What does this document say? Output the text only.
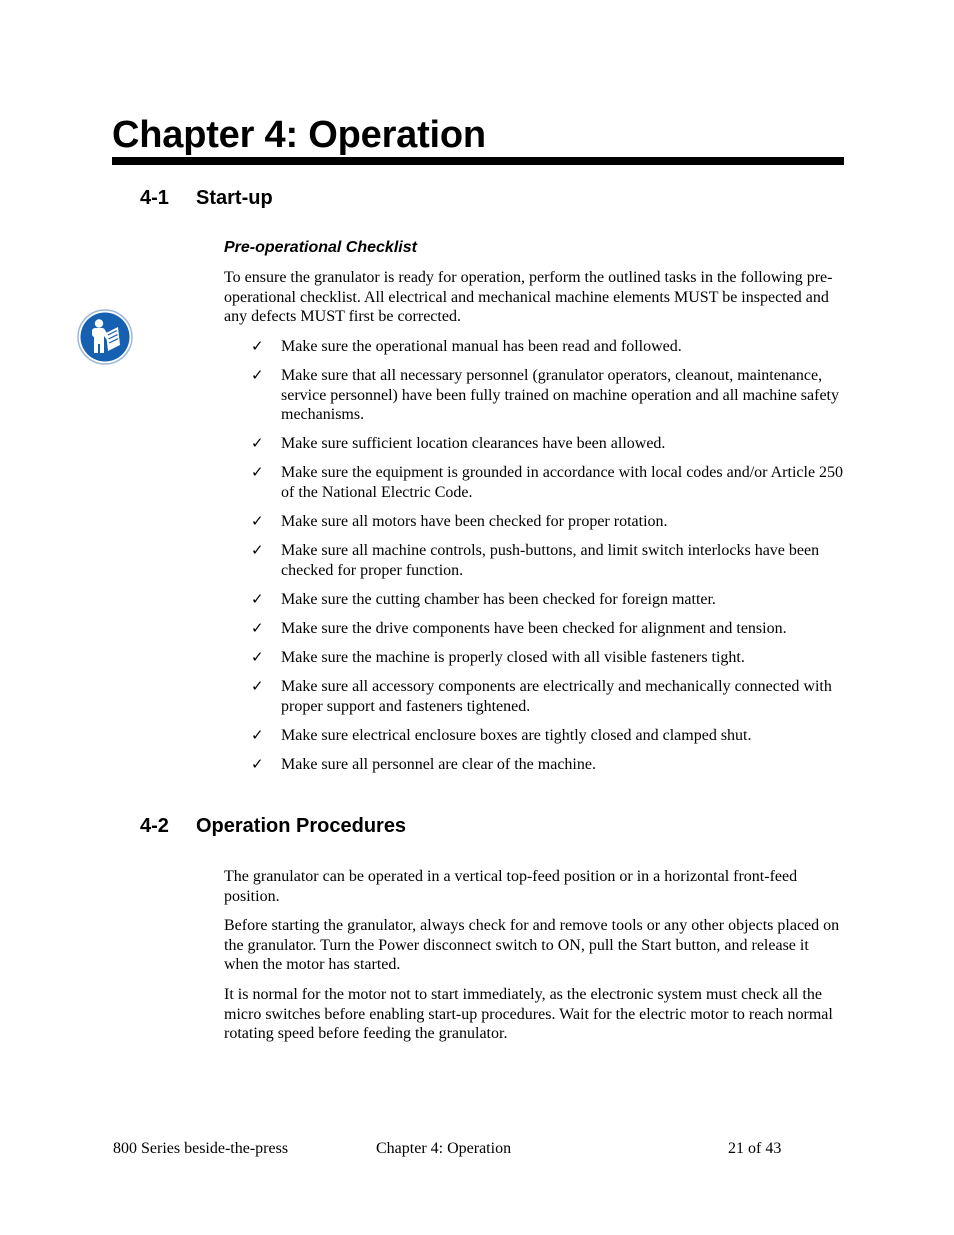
Chapter 4: Operation
4-1 Start-up
Pre-operational Checklist

To ensure the granulator is ready for operation, perform the outlined tasks in the following pre-operational checklist. All electrical and mechanical machine elements MUST be inspected and any defects MUST first be corrected.

✓ Make sure the operational manual has been read and followed.
✓ Make sure that all necessary personnel (granulator operators, cleanout, maintenance, service personnel) have been fully trained on machine operation and all machine safety mechanisms.
✓ Make sure sufficient location clearances have been allowed.
✓ Make sure the equipment is grounded in accordance with local codes and/or Article 250 of the National Electric Code.
✓ Make sure all motors have been checked for proper rotation.
✓ Make sure all machine controls, push-buttons, and limit switch interlocks have been checked for proper function.
✓ Make sure the cutting chamber has been checked for foreign matter.
✓ Make sure the drive components have been checked for alignment and tension.
✓ Make sure the machine is properly closed with all visible fasteners tight.
✓ Make sure all accessory components are electrically and mechanically connected with proper support and fasteners tightened.
✓ Make sure electrical enclosure boxes are tightly closed and clamped shut.
✓ Make sure all personnel are clear of the machine.
4-2 Operation Procedures

The granulator can be operated in a vertical top-feed position or in a horizontal front-feed position.

Before starting the granulator, always check for and remove tools or any other objects placed on the granulator. Turn the Power disconnect switch to ON, pull the Start button, and release it when the motor has started.

It is normal for the motor not to start immediately, as the electronic system must check all the micro switches before enabling start-up procedures. Wait for the electric motor to reach normal rotating speed before feeding the granulator.

800 Series beside-the-press	Chapter 4: Operation	21 of 43
